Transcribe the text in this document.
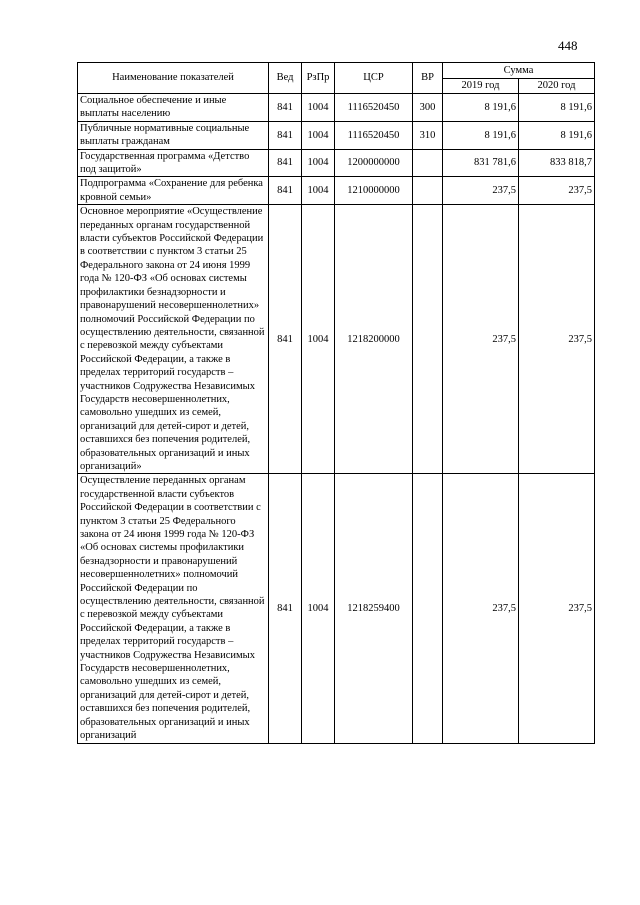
448
Наименование показателей	Вед	РзПр	ЦСР	ВР	Сумма	
					2019 год	2020 год
Социальное обеспечение и иные выплаты населению	841	1004	1116520450	300	8 191,6	8 191,6
Публичные нормативные социальные выплаты гражданам	841	1004	1116520450	310	8 191,6	8 191,6
Государственная программа «Детство под защитой»	841	1004	1200000000		831 781,6	833 818,7
Подпрограмма «Сохранение для ребенка кровной семьи»	841	1004	1210000000		237,5	237,5
Основное мероприятие «Осуществление переданных органам государственной власти субъектов Российской Федерации в соответствии с пунктом 3 статьи 25 Федерального закона от 24 июня 1999 года № 120-ФЗ «Об основах системы профилактики безнадзорности и правонарушений несовершеннолетних» полномочий Российской Федерации по осуществлению деятельности, связанной с перевозкой между субъектами Российской Федерации, а также в пределах территорий государств – участников Содружества Независимых Государств несовершеннолетних, самовольно ушедших из семей, организаций для детей-сирот и детей, оставшихся без попечения родителей, образовательных организаций и иных организаций»	841	1004	1218200000		237,5	237,5
Осуществление переданных органам государственной власти субъектов Российской Федерации в соответствии с пунктом 3 статьи 25 Федерального закона от 24 июня 1999 года № 120-ФЗ «Об основах системы профилактики безнадзорности и правонарушений несовершеннолетних» полномочий Российской Федерации по осуществлению деятельности, связанной с перевозкой между субъектами Российской Федерации, а также в пределах территорий государств – участников Содружества Независимых Государств несовершеннолетних, самовольно ушедших из семей, организаций для детей-сирот и детей, оставшихся без попечения родителей, образовательных организаций и иных организаций	841	1004	1218259400		237,5	237,5
